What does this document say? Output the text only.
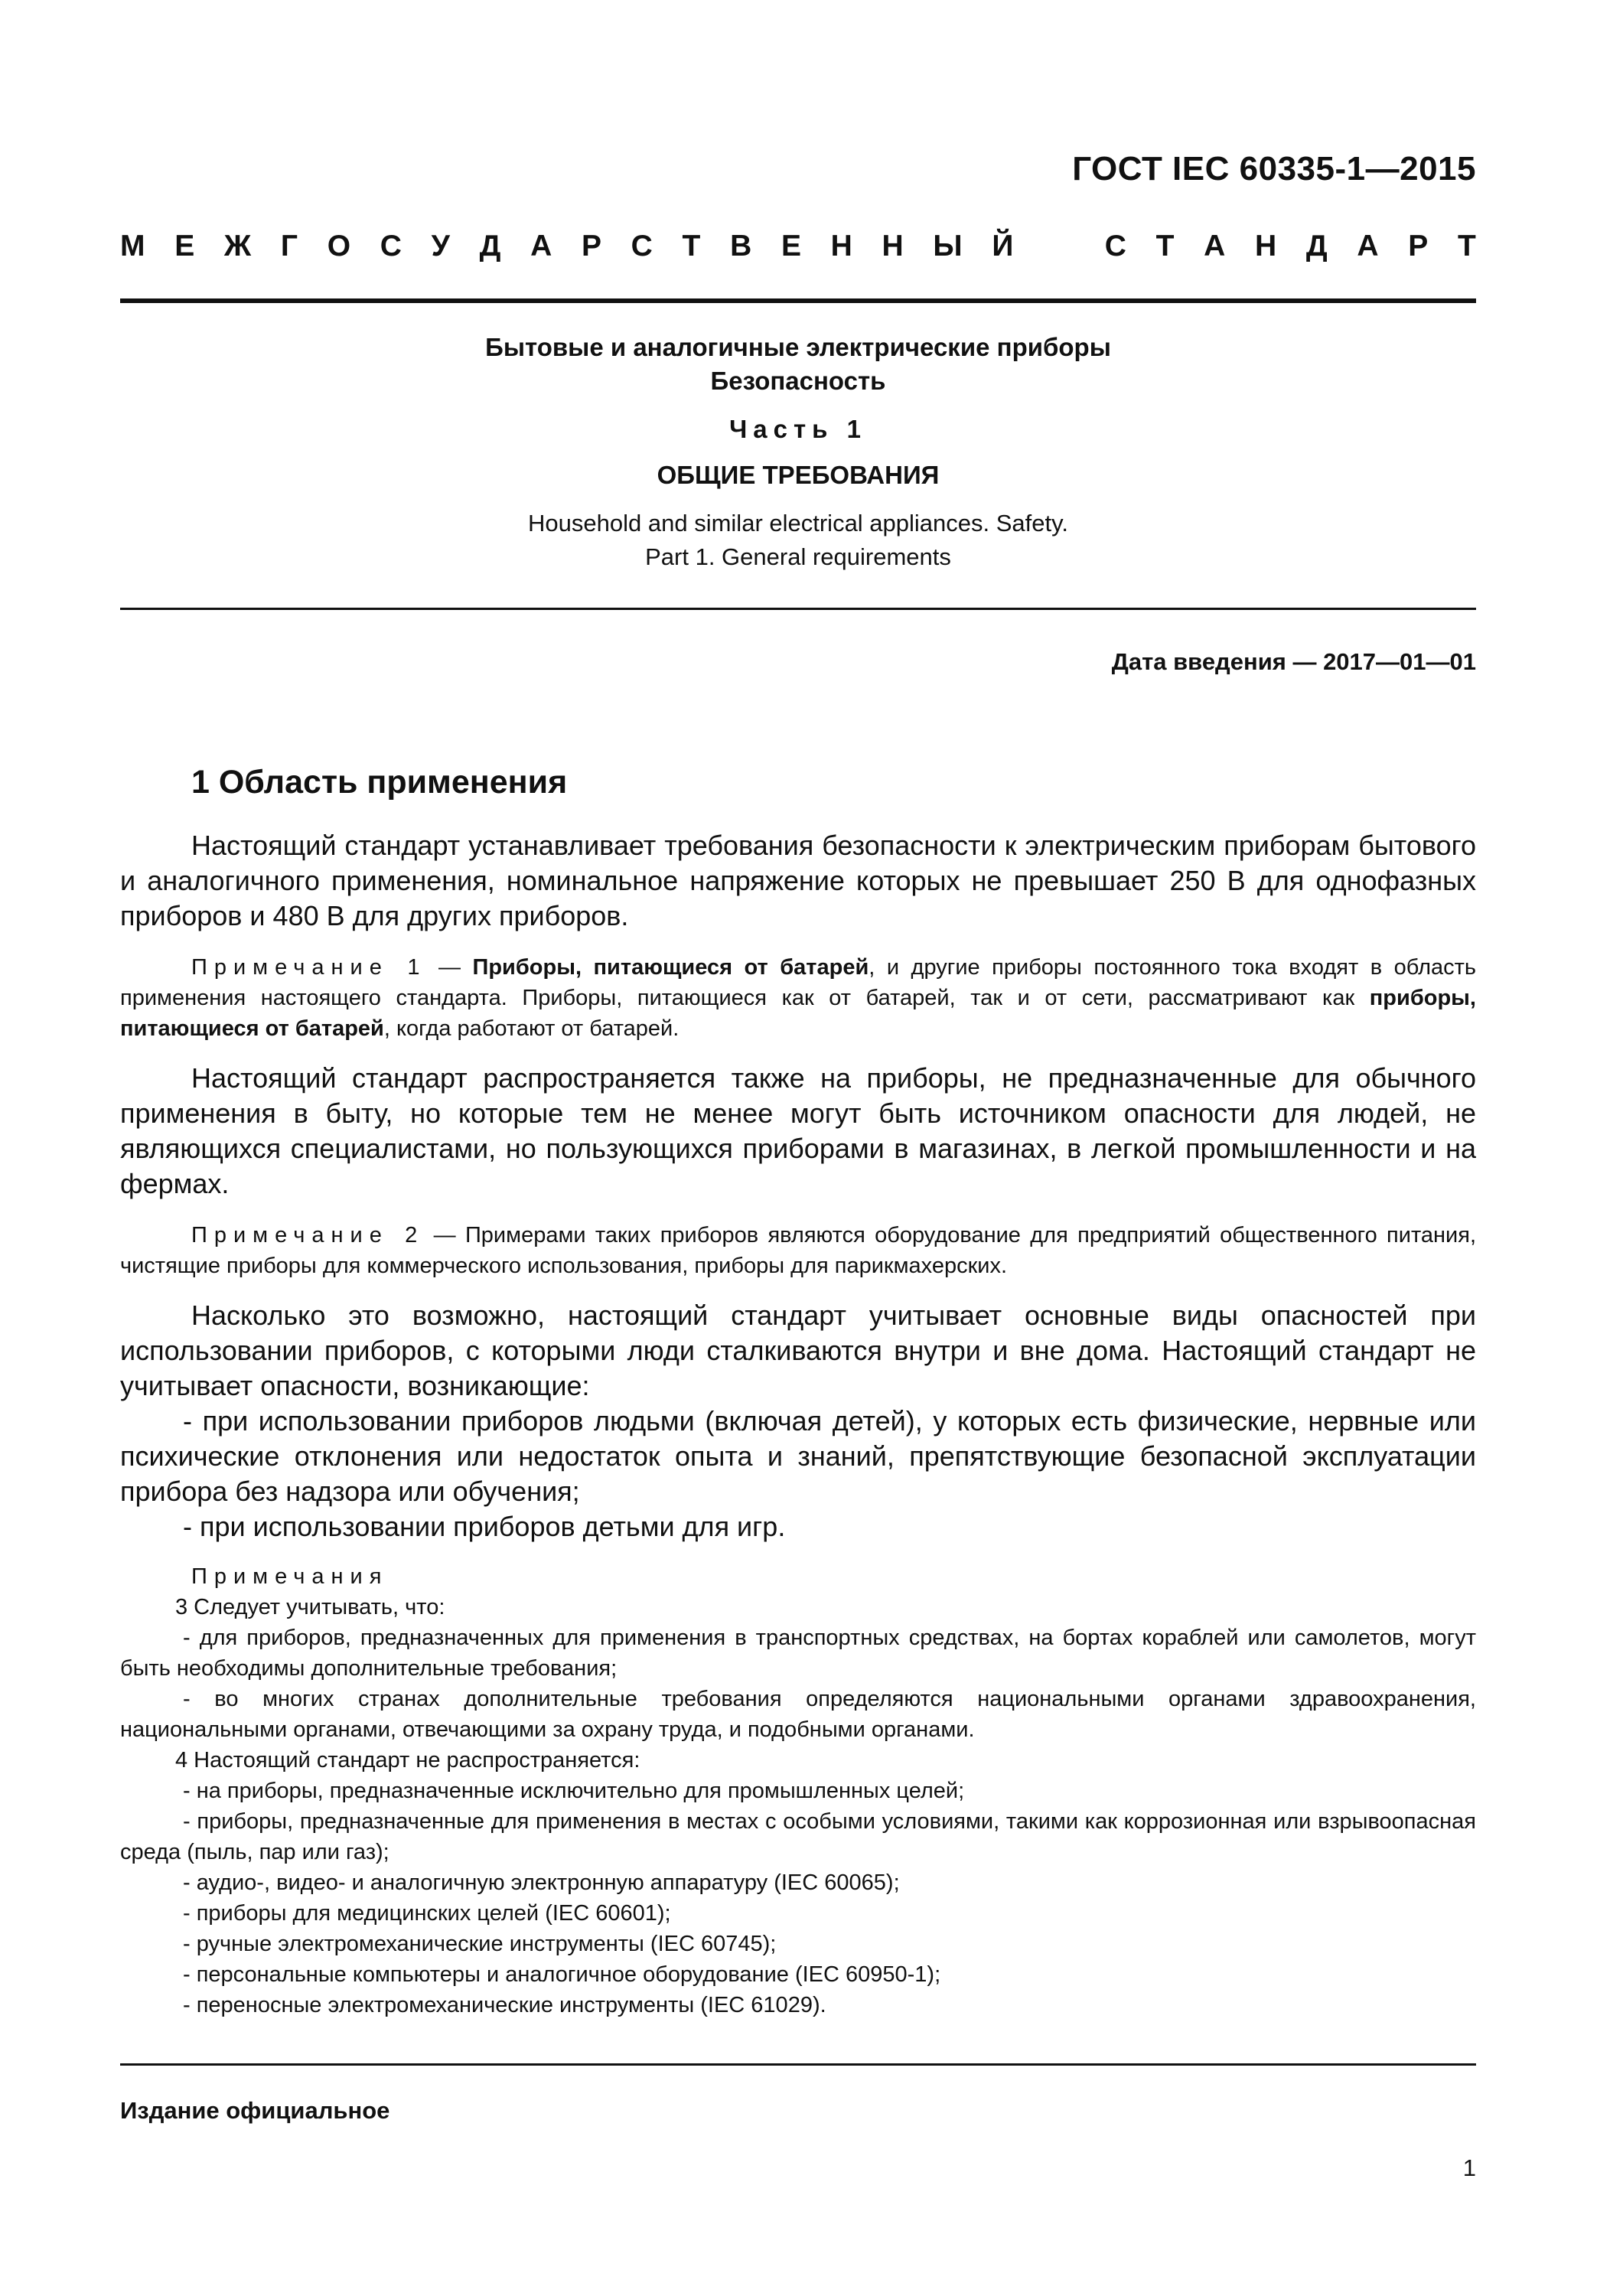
ГОСТ IEC 60335-1—2015
М Е Ж Г О С У Д А Р С Т В Е Н Н Ы Й	С Т А Н Д А Р Т
Бытовые и аналогичные электрические приборы
Безопасность
Часть 1
ОБЩИЕ ТРЕБОВАНИЯ
Household and similar electrical appliances. Safety.
Part 1. General requirements
Дата введения — 2017—01—01
1 Область применения

Настоящий стандарт устанавливает требования безопасности к электрическим приборам бытового и аналогичного применения, номинальное напряжение которых не превышает 250 В для однофазных приборов и 480 В для других приборов.

Примечание 1 — Приборы, питающиеся от батарей, и другие приборы постоянного тока входят в область применения настоящего стандарта. Приборы, питающиеся как от батарей, так и от сети, рассматривают как приборы, питающиеся от батарей, когда работают от батарей.

Настоящий стандарт распространяется также на приборы, не предназначенные для обычного применения в быту, но которые тем не менее могут быть источником опасности для людей, не являющихся специалистами, но пользующихся приборами в магазинах, в легкой промышленности и на фермах.

Примечание 2 — Примерами таких приборов являются оборудование для предприятий общественного питания, чистящие приборы для коммерческого использования, приборы для парикмахерских.

Насколько это возможно, настоящий стандарт учитывает основные виды опасностей при использовании приборов, с которыми люди сталкиваются внутри и вне дома. Настоящий стандарт не учитывает опасности, возникающие:

- при использовании приборов людьми (включая детей), у которых есть физические, нервные или психические отклонения или недостаток опыта и знаний, препятствующие безопасной эксплуатации прибора без надзора или обучения;

- при использовании приборов детьми для игр.

Примечания

3 Следует учитывать, что:

- для приборов, предназначенных для применения в транспортных средствах, на бортах кораблей или самолетов, могут быть необходимы дополнительные требования;

- во многих странах дополнительные требования определяются национальными органами здравоохранения, национальными органами, отвечающими за охрану труда, и подобными органами.

4 Настоящий стандарт не распространяется:

- на приборы, предназначенные исключительно для промышленных целей;

- приборы, предназначенные для применения в местах с особыми условиями, такими как коррозионная или взрывоопасная среда (пыль, пар или газ);

- аудио-, видео- и аналогичную электронную аппаратуру (IEC 60065);

- приборы для медицинских целей (IEC 60601);

- ручные электромеханические инструменты (IEC 60745);

- персональные компьютеры и аналогичное оборудование (IEC 60950-1);

- переносные электромеханические инструменты (IEC 61029).

Издание официальное
1
